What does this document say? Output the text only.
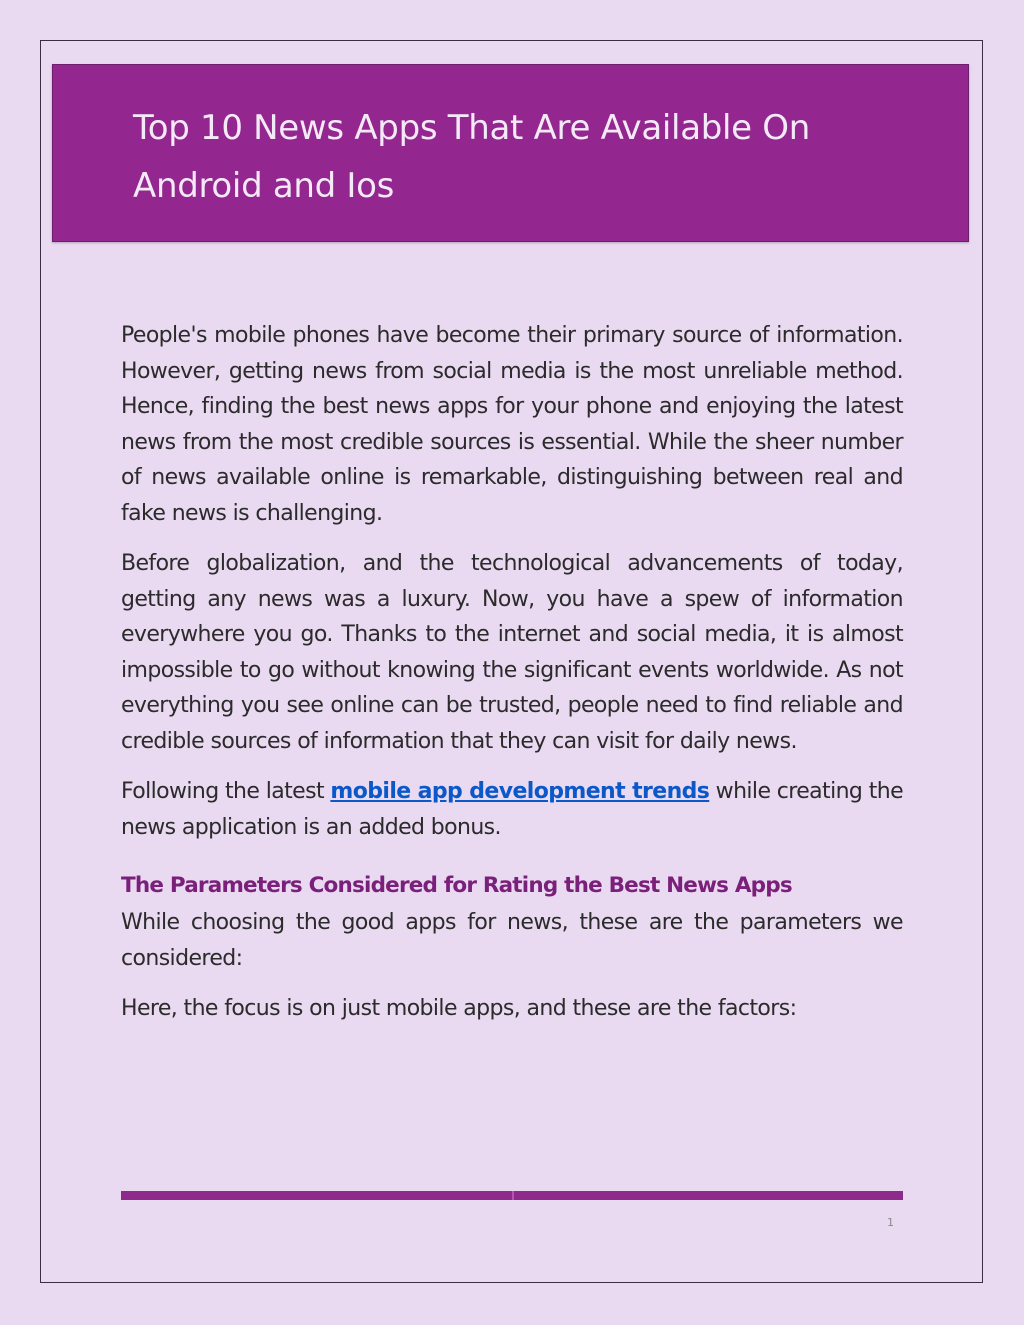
Top 10 News Apps That Are Available On Android and Ios

People's mobile phones have become their primary source of information. However, getting news from social media is the most unreliable method. Hence, finding the best news apps for your phone and enjoying the latest news from the most credible sources is essential. While the sheer number of news available online is remarkable, distinguishing between real and fake news is challenging.

Before globalization, and the technological advancements of today, getting any news was a luxury. Now, you have a spew of information everywhere you go. Thanks to the internet and social media, it is almost impossible to go without knowing the significant events worldwide. As not everything you see online can be trusted, people need to find reliable and credible sources of information that they can visit for daily news.

Following the latest mobile app development trends while creating the news application is an added bonus.

The Parameters Considered for Rating the Best News Apps

While choosing the good apps for news, these are the parameters we considered:

Here, the focus is on just mobile apps, and these are the factors:

1
